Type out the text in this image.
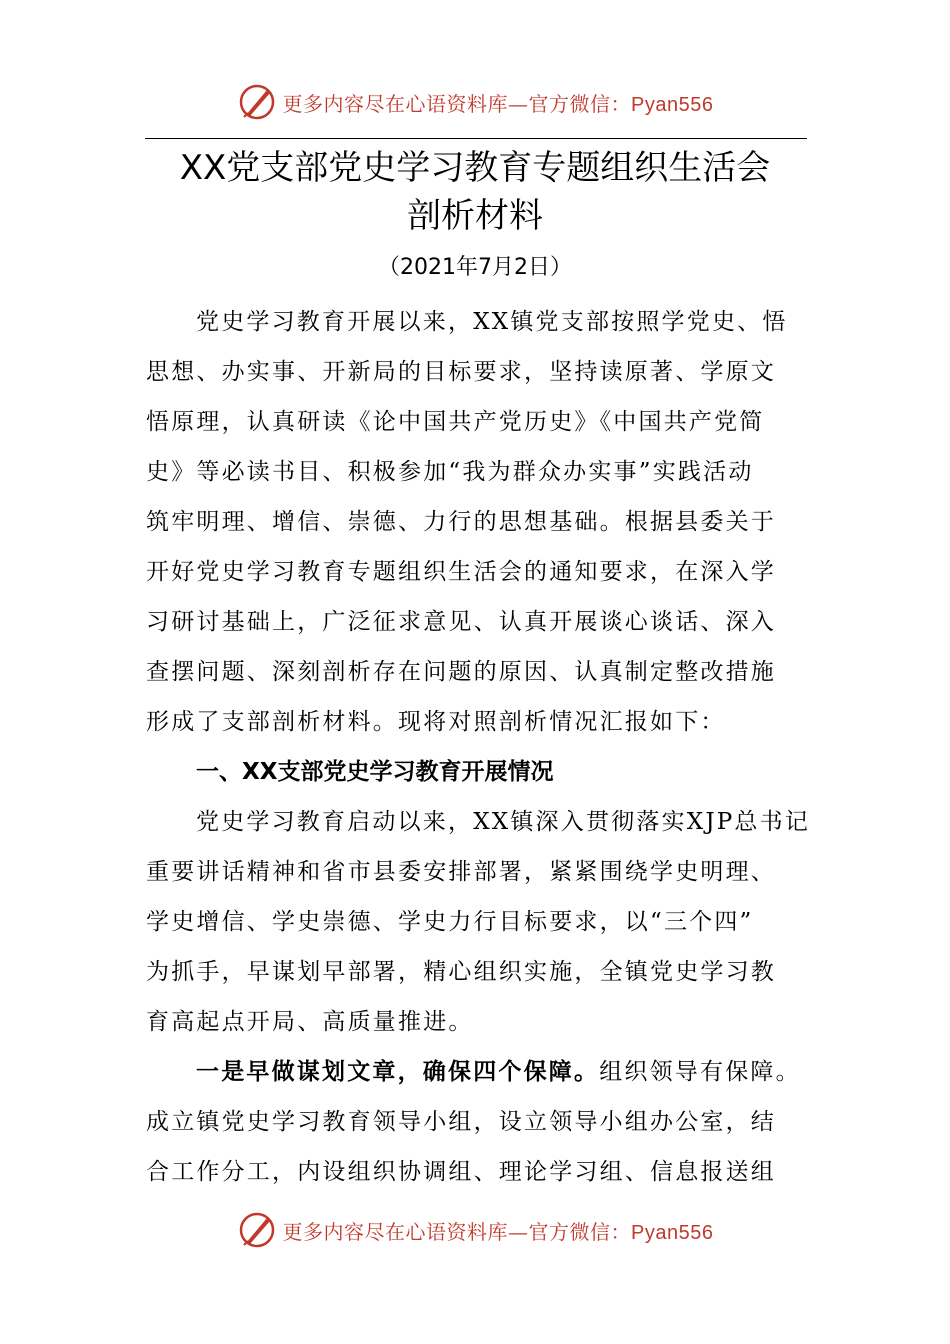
更多内容尽在心语资料库—官方微信：Pyan556
XX党支部党史学习教育专题组织生活会
剖析材料
（2021年7月2日）

党史学习教育开展以来，XX镇党支部按照学党史、悟
思想、办实事、开新局的目标要求，坚持读原著、学原文
悟原理，认真研读《论中国共产党历史》《中国共产党简
史》等必读书目、积极参加“我为群众办实事”实践活动
筑牢明理、增信、崇德、力行的思想基础。根据县委关于
开好党史学习教育专题组织生活会的通知要求，在深入学
习研讨基础上，广泛征求意见、认真开展谈心谈话、深入
查摆问题、深刻剖析存在问题的原因、认真制定整改措施
形成了支部剖析材料。现将对照剖析情况汇报如下：

一、XX支部党史学习教育开展情况

党史学习教育启动以来，XX镇深入贯彻落实XJP总书记
重要讲话精神和省市县委安排部署，紧紧围绕学史明理、
学史增信、学史崇德、学史力行目标要求，以“三个四”
为抓手，早谋划早部署，精心组织实施，全镇党史学习教
育高起点开局、高质量推进。

一是早做谋划文章，确保四个保障。组织领导有保障。
成立镇党史学习教育领导小组，设立领导小组办公室，结
合工作分工，内设组织协调组、理论学习组、信息报送组

更多内容尽在心语资料库—官方微信：Pyan556
